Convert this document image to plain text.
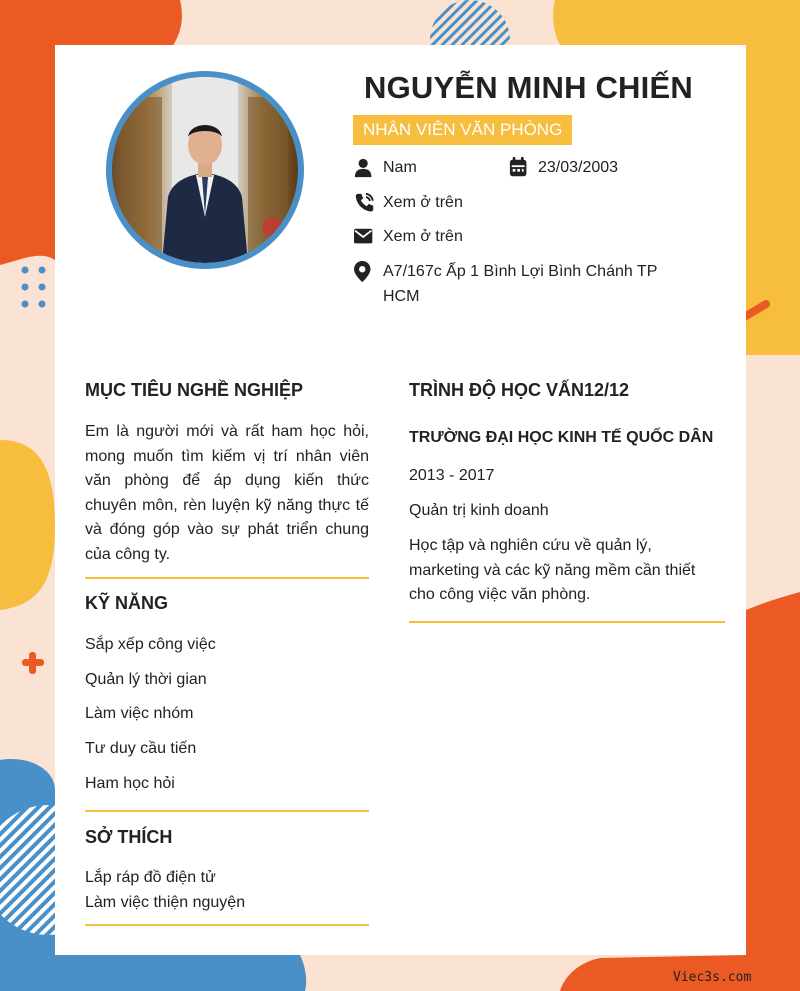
NGUYỄN MINH CHIẾN
NHÂN VIÊN VĂN PHÒNG
Nam	23/03/2003
Xem ở trên
Xem ở trên
A7/167c Ấp 1 Bình Lợi Bình Chánh TP
HCM
MỤC TIÊU NGHỀ NGHIỆP
Em là người mới và rất ham học hỏi, mong muốn tìm kiếm vị trí nhân viên văn phòng để áp dụng kiến thức chuyên môn, rèn luyện kỹ năng thực tế và đóng góp vào sự phát triển chung của công ty.
KỸ NĂNG
Sắp xếp công việc
Quản lý thời gian
Làm việc nhóm
Tư duy cầu tiến
Ham học hỏi
SỞ THÍCH
Lắp ráp đồ điện tử
Làm việc thiện nguyện
TRÌNH ĐỘ HỌC VẤN12/12
TRƯỜNG ĐẠI HỌC KINH TẾ QUỐC DÂN
2013 - 2017
Quản trị kinh doanh
Học tập và nghiên cứu về quản lý, marketing và các kỹ năng mềm cần thiết cho công việc văn phòng.
Viec3s.com
